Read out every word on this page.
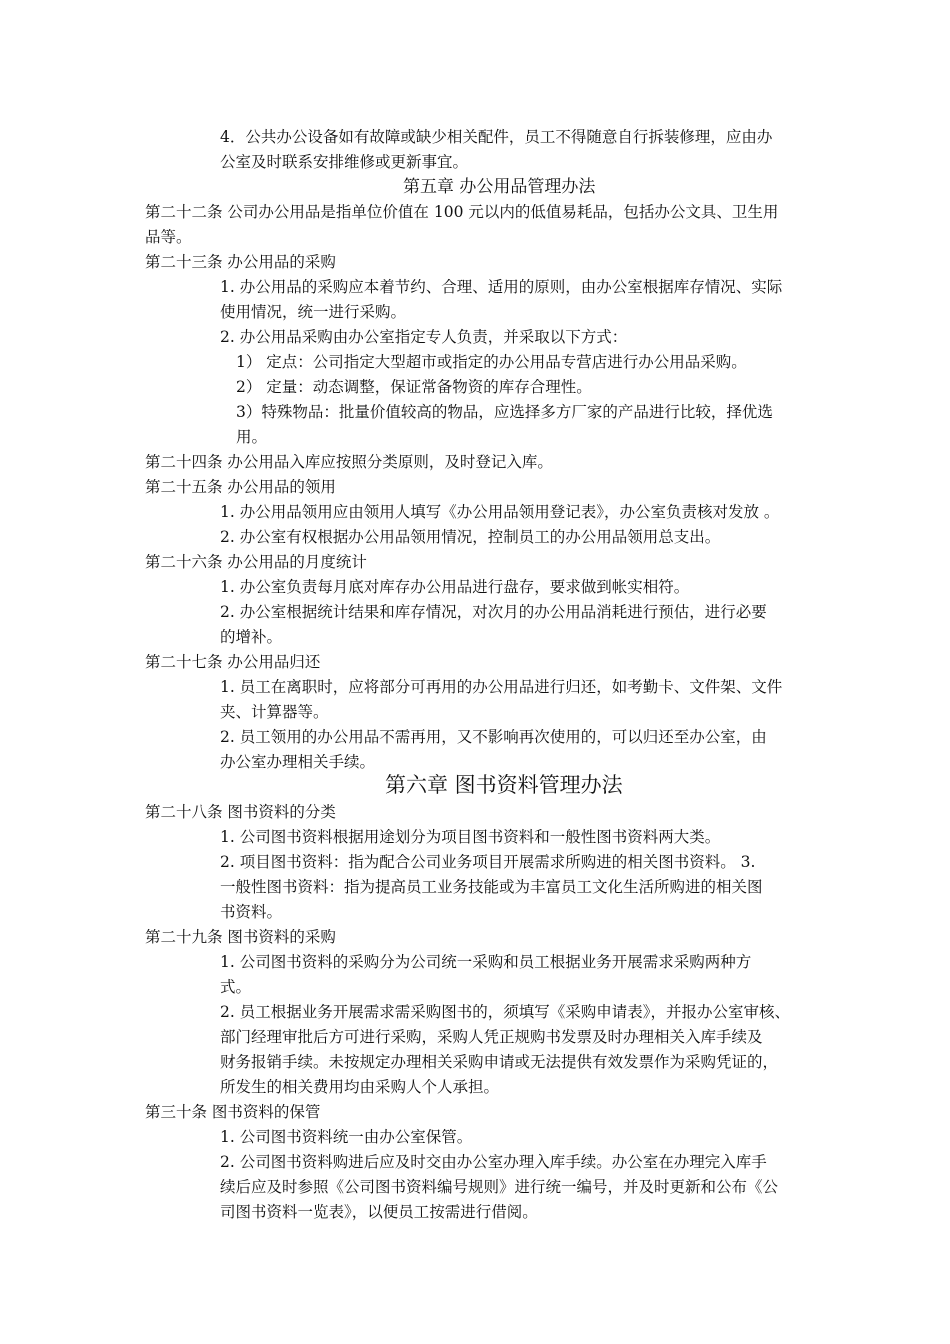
4．公共办公设备如有故障或缺少相关配件，员工不得随意自行拆装修理，应由办
公室及时联系安排维修或更新事宜。
第五章 办公用品管理办法
第二十二条 公司办公用品是指单位价值在 100 元以内的低值易耗品，包括办公文具、卫生用
品等。
第二十三条 办公用品的采购
1. 办公用品的采购应本着节约、合理、适用的原则，由办公室根据库存情况、实际
使用情况，统一进行采购。
2. 办公用品采购由办公室指定专人负责，并采取以下方式：
1） 定点：公司指定大型超市或指定的办公用品专营店进行办公用品采购。
2） 定量：动态调整，保证常备物资的库存合理性。
3）特殊物品：批量价值较高的物品，应选择多方厂家的产品进行比较，择优选
用。
第二十四条 办公用品入库应按照分类原则，及时登记入库。
第二十五条 办公用品的领用
1. 办公用品领用应由领用人填写《办公用品领用登记表》，办公室负责核对发放 。
2. 办公室有权根据办公用品领用情况，控制员工的办公用品领用总支出。
第二十六条 办公用品的月度统计
1. 办公室负责每月底对库存办公用品进行盘存，要求做到帐实相符。
2. 办公室根据统计结果和库存情况，对次月的办公用品消耗进行预估，进行必要
的增补。
第二十七条 办公用品归还
1. 员工在离职时，应将部分可再用的办公用品进行归还，如考勤卡、文件架、文件
夹、计算器等。
2. 员工领用的办公用品不需再用，又不影响再次使用的，可以归还至办公室，由
办公室办理相关手续。
第六章 图书资料管理办法
第二十八条 图书资料的分类
1. 公司图书资料根据用途划分为项目图书资料和一般性图书资料两大类。
2. 项目图书资料：指为配合公司业务项目开展需求所购进的相关图书资料。 3.
一般性图书资料：指为提高员工业务技能或为丰富员工文化生活所购进的相关图
书资料。
第二十九条 图书资料的采购
1. 公司图书资料的采购分为公司统一采购和员工根据业务开展需求采购两种方
式。
2. 员工根据业务开展需求需采购图书的，须填写《采购申请表》，并报办公室审核、
部门经理审批后方可进行采购，采购人凭正规购书发票及时办理相关入库手续及
财务报销手续。未按规定办理相关采购申请或无法提供有效发票作为采购凭证的，
所发生的相关费用均由采购人个人承担。
第三十条 图书资料的保管
1. 公司图书资料统一由办公室保管。
2. 公司图书资料购进后应及时交由办公室办理入库手续。办公室在办理完入库手
续后应及时参照《公司图书资料编号规则》进行统一编号，并及时更新和公布《公
司图书资料一览表》，以便员工按需进行借阅。
